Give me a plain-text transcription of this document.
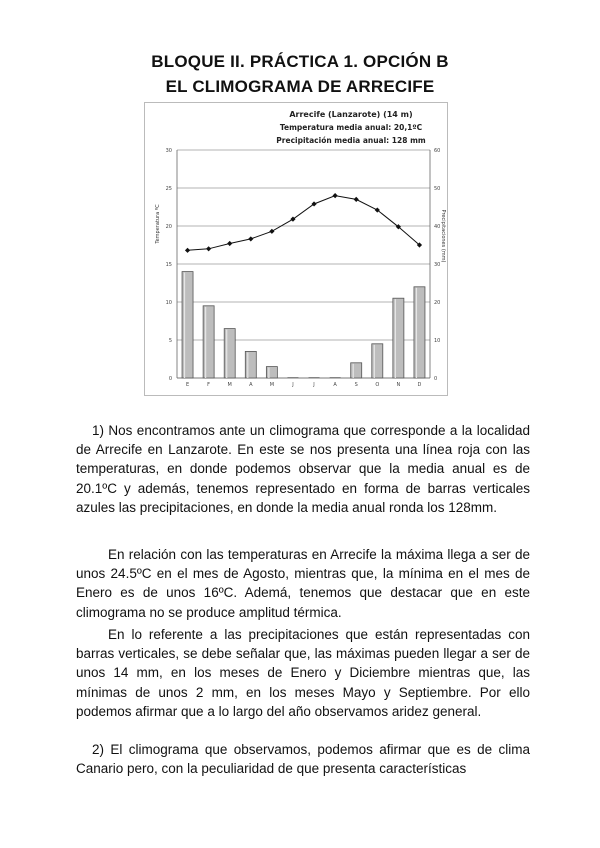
BLOQUE II. PRÁCTICA 1. OPCIÓN B
EL CLIMOGRAMA DE ARRECIFE
Arrecife (Lanzarote) (14 m)
Temperatura media anual: 20,1ºC
Precipitación media anual: 128 mm
0
5
10
15
20
25
30
0
10
20
30
40
50
60
Temperatura ºC	Precipitaciones (mm)
E	F	M	A	M	J	J	A	S	O	N	D

1) Nos encontramos ante un climograma que corresponde a la localidad de Arrecife en Lanzarote. En este se nos presenta una línea roja con las temperaturas, en donde podemos observar que la media anual es de 20.1ºC y además, tenemos representado en forma de barras verticales azules las precipitaciones, en donde la media anual ronda los 128mm.

En relación con las temperaturas en Arrecife la máxima llega a ser de unos 24.5ºC en el mes de Agosto, mientras que, la mínima en el mes de Enero es de unos 16ºC. Ademá, tenemos que destacar que en este climograma no se produce amplitud térmica.

En lo referente a las precipitaciones que están representadas con barras verticales, se debe señalar que, las máximas pueden llegar a ser de unos 14 mm, en los meses de Enero y Diciembre mientras que, las mínimas de unos 2 mm, en los meses Mayo y Septiembre. Por ello podemos afirmar que a lo largo del año observamos aridez general.

2) El climograma que observamos, podemos afirmar que es de clima Canario pero, con la peculiaridad de que presenta características
